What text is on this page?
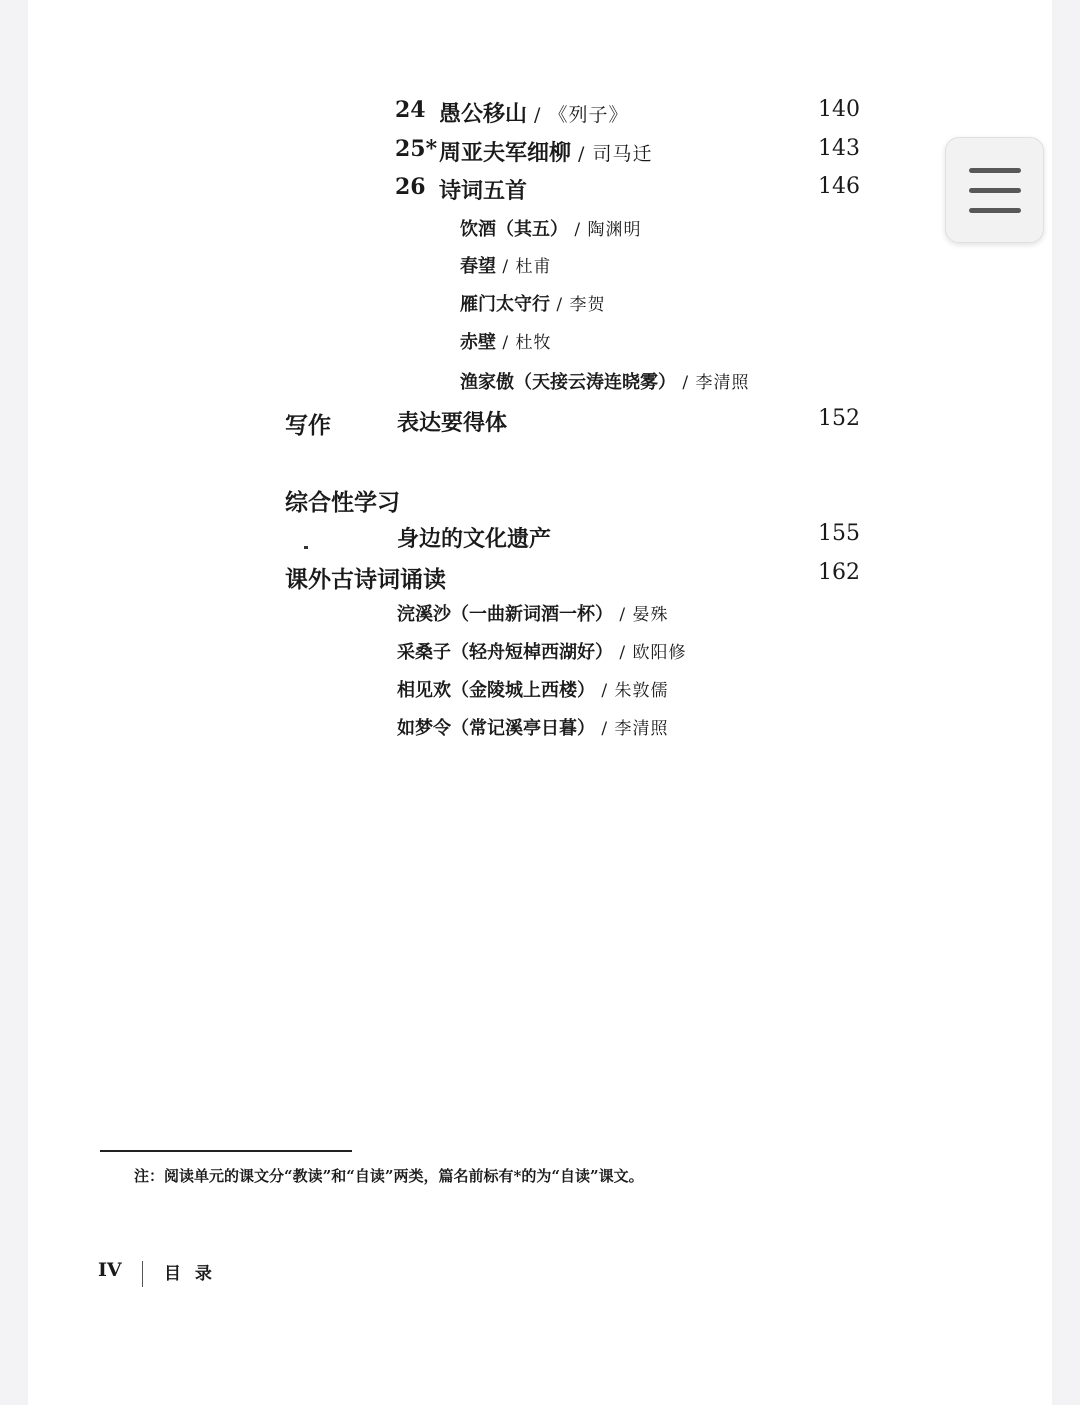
24 愚公移山 / 《列子》	140
25* 周亚夫军细柳 / 司马迁	143
26 诗词五首	146
饮酒（其五） / 陶渊明
春望 / 杜甫
雁门太守行 / 李贺
赤壁 / 杜牧
渔家傲（天接云涛连晓雾） / 李清照
写作	表达要得体	152
综合性学习
身边的文化遗产	155
课外古诗词诵读	162
浣溪沙（一曲新词酒一杯） / 晏殊
采桑子（轻舟短棹西湖好） / 欧阳修
相见欢（金陵城上西楼） / 朱敦儒
如梦令（常记溪亭日暮） / 李清照
注：阅读单元的课文分“教读”和“自读”两类，篇名前标有*的为“自读”课文。
IV 目 录
